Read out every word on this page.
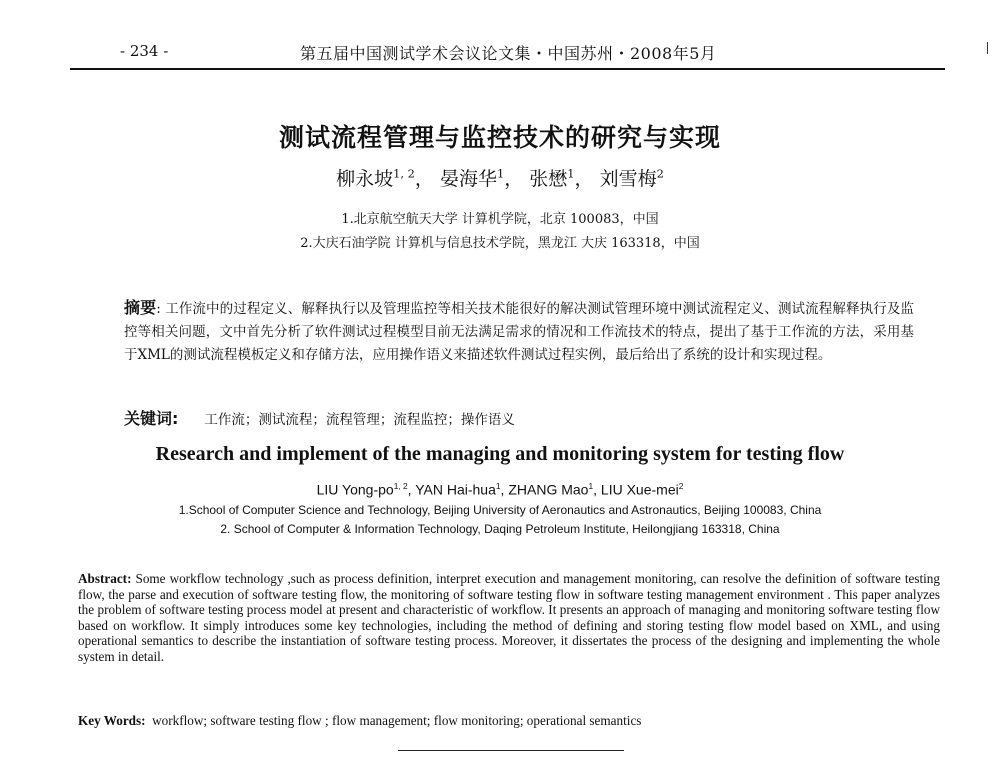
- 234 -	第五届中国测试学术会议论文集・中国苏州・2008年5月
测试流程管理与监控技术的研究与实现
柳永坡$^{1, 2}$， 晏海华$^1$， 张懋$^1$， 刘雪梅$^2$
1.北京航空航天大学 计算机学院，北京 100083，中国
2.大庆石油学院 计算机与信息技术学院，黑龙江 大庆 163318，中国
摘要: 工作流中的过程定义、解释执行以及管理监控等相关技术能很好的解决测试管理环境中测试流程定义、测试流程解释执行及监控等相关问题，文中首先分析了软件测试过程模型目前无法满足需求的情况和工作流技术的特点，提出了基于工作流的方法，采用基于XML的测试流程模板定义和存储方法，应用操作语义来描述软件测试过程实例，最后给出了系统的设计和实现过程。
关键词: 工作流；测试流程；流程管理；流程监控；操作语义
Research and implement of the managing and monitoring system for testing flow
LIU Yong-po$^{1, 2}$, YAN Hai-hua$^1$, ZHANG Mao$^1$, LIU Xue-mei$^2$
1.School of Computer Science and Technology, Beijing University of Aeronautics and Astronautics, Beijing 100083, China
2. School of Computer & Information Technology, Daqing Petroleum Institute, Heilongjiang 163318, China
Abstract: Some workflow technology ,such as process definition, interpret execution and management monitoring, can resolve the definition of software testing flow, the parse and execution of software testing flow, the monitoring of software testing flow in software testing management environment . This paper analyzes the problem of software testing process model at present and characteristic of workflow. It presents an approach of managing and monitoring software testing flow based on workflow. It simply introduces some key technologies, including the method of defining and storing testing flow model based on XML, and using operational semantics to describe the instantiation of software testing process. Moreover, it dissertates the process of the designing and implementing the whole system in detail.
Key Words:  workflow; software testing flow ; flow management; flow monitoring; operational semantics
